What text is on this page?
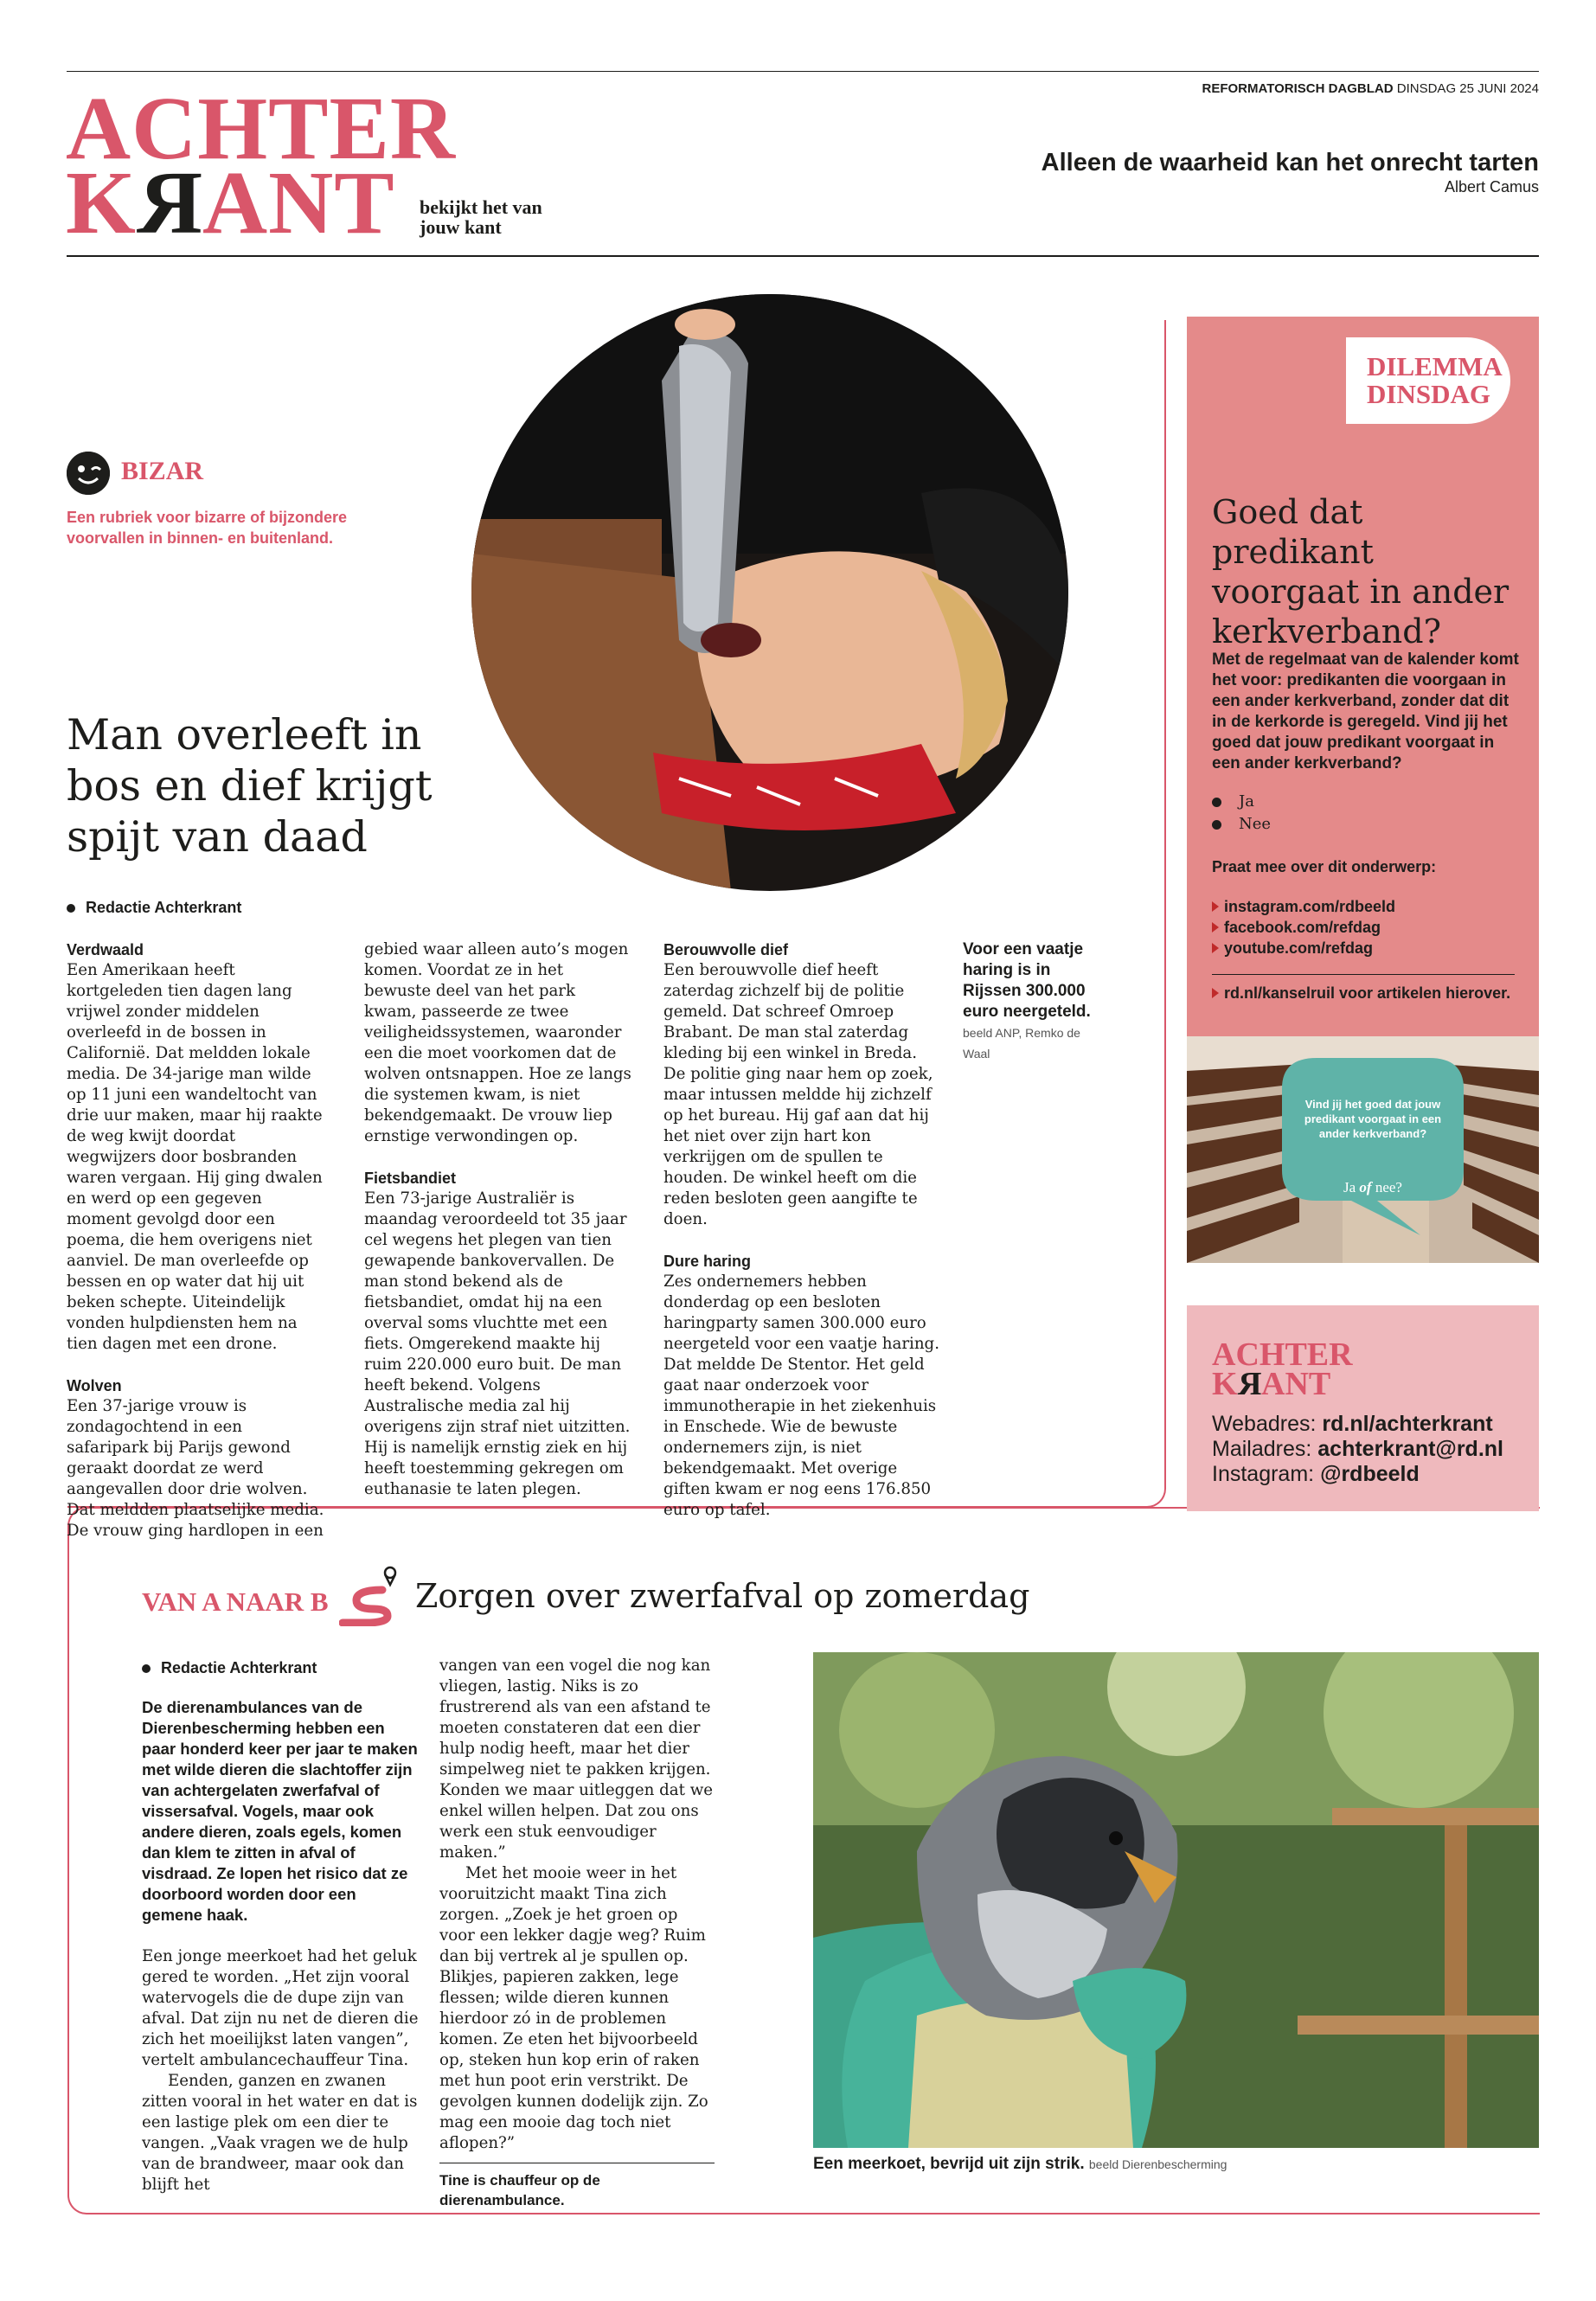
ACHTER
KRANT	bekijkt het van jouw kant
REFORMATORISCH DAGBLAD DINSDAG 25 JUNI 2024
Alleen de waarheid kan het onrecht tarten
Albert Camus
BIZAR
Een rubriek voor bizarre of bijzondere voorvallen in binnen- en buitenland.
Man overleeft in bos en dief krijgt spijt van daad
Redactie Achterkrant

Verdwaald

Een Amerikaan heeft kortgeleden tien dagen lang vrijwel zonder middelen overleefd in de bossen in Californië. Dat meldden lokale media. De 34-jarige man wilde op 11 juni een wandeltocht van drie uur maken, maar hij raakte de weg kwijt doordat wegwijzers door bosbranden waren vergaan. Hij ging dwalen en werd op een gegeven moment gevolgd door een poema, die hem overigens niet aanviel. De man overleefde op bessen en op water dat hij uit beken schepte. Uiteindelijk vonden hulpdiensten hem na tien dagen met een drone.

Wolven

Een 37-jarige vrouw is zondagochtend in een safaripark bij Parijs gewond geraakt doordat ze werd aangevallen door drie wolven. Dat meldden plaatselijke media. De vrouw ging hardlopen in een

gebied waar alleen auto’s mogen komen. Voordat ze in het bewuste deel van het park kwam, passeerde ze twee veiligheidssystemen, waaronder een die moet voorkomen dat de wolven ontsnappen. Hoe ze langs die systemen kwam, is niet bekendgemaakt. De vrouw liep ernstige verwondingen op.

Fietsbandiet

Een 73-jarige Australiër is maandag veroordeeld tot 35 jaar cel wegens het plegen van tien gewapende bankovervallen. De man stond bekend als de fietsbandiet, omdat hij na een overval soms vluchtte met een fiets. Omgerekend maakte hij ruim 220.000 euro buit. De man heeft bekend. Volgens Australische media zal hij overigens zijn straf niet uitzitten. Hij is namelijk ernstig ziek en hij heeft toestemming gekregen om euthanasie te laten plegen.

Berouwvolle dief

Een berouwvolle dief heeft zaterdag zichzelf bij de politie gemeld. Dat schreef Omroep Brabant. De man stal zaterdag kleding bij een winkel in Breda. De politie ging naar hem op zoek, maar intussen meldde hij zichzelf op het bureau. Hij gaf aan dat hij het niet over zijn hart kon verkrijgen om de spullen te houden. De winkel heeft om die reden besloten geen aangifte te doen.

Dure haring

Zes ondernemers hebben donderdag op een besloten haringparty samen 300.000 euro neergeteld voor een vaatje haring. Dat meldde De Stentor. Het geld gaat naar onderzoek voor immunotherapie in het ziekenhuis in Enschede. Wie de bewuste ondernemers zijn, is niet bekendgemaakt. Met overige giften kwam er nog eens 176.850 euro op tafel.

Voor een vaatje haring is in Rijssen 300.000 euro neergeteld. beeld ANP, Remko de Waal
DILEMMA
DINSDAG
Goed dat predikant voorgaat in ander kerkverband?
Met de regelmaat van de kalender komt het voor: predikanten die voorgaan in een ander kerkverband, zonder dat dit in de kerkorde is geregeld. Vind jij het goed dat jouw predikant voorgaat in een ander kerkverband?
Ja
Nee
Praat mee over dit onderwerp:
instagram.com/rdbeeld
facebook.com/refdag
youtube.com/refdag
rd.nl/kanselruil voor artikelen hierover.
Vind jij het goed dat jouw predikant voorgaat in een ander kerkverband?
Ja of nee?
ACHTER
KRANT
Webadres: rd.nl/achterkrant
Mailadres: achterkrant@rd.nl
Instagram: @rdbeeld
VAN A NAAR B	Zorgen over zwerfafval op zomerdag
Redactie Achterkrant

De dierenambulances van de Dierenbescherming hebben een paar honderd keer per jaar te maken met wilde dieren die slachtoffer zijn van achtergelaten zwerfafval of vissersafval. Vogels, maar ook andere dieren, zoals egels, komen dan klem te zitten in afval of visdraad. Ze lopen het risico dat ze doorboord worden door een gemene haak.

Een jonge meerkoet had het geluk gered te worden. „Het zijn vooral watervogels die de dupe zijn van afval. Dat zijn nu net de dieren die zich het moeilijkst laten vangen”, vertelt ambulancechauffeur Tina.

Eenden, ganzen en zwanen zitten vooral in het water en dat is een lastige plek om een dier te vangen. „Vaak vragen we de hulp van de brandweer, maar ook dan blijft het

vangen van een vogel die nog kan vliegen, lastig. Niks is zo frustrerend als van een afstand te moeten constateren dat een dier hulp nodig heeft, maar het dier simpelweg niet te pakken krijgen. Konden we maar uitleggen dat we enkel willen helpen. Dat zou ons werk een stuk eenvoudiger maken.”

Met het mooie weer in het vooruitzicht maakt Tina zich zorgen. „Zoek je het groen op voor een lekker dagje weg? Ruim dan bij vertrek al je spullen op. Blikjes, papieren zakken, lege flessen; wilde dieren kunnen hierdoor zó in de problemen komen. Ze eten het bijvoorbeeld op, steken hun kop erin of raken met hun poot erin verstrikt. De gevolgen kunnen dodelijk zijn. Zo mag een mooie dag toch niet aflopen?”

Tine is chauffeur op de dierenambulance.

Een meerkoet, bevrijd uit zijn strik. beeld Dierenbescherming
